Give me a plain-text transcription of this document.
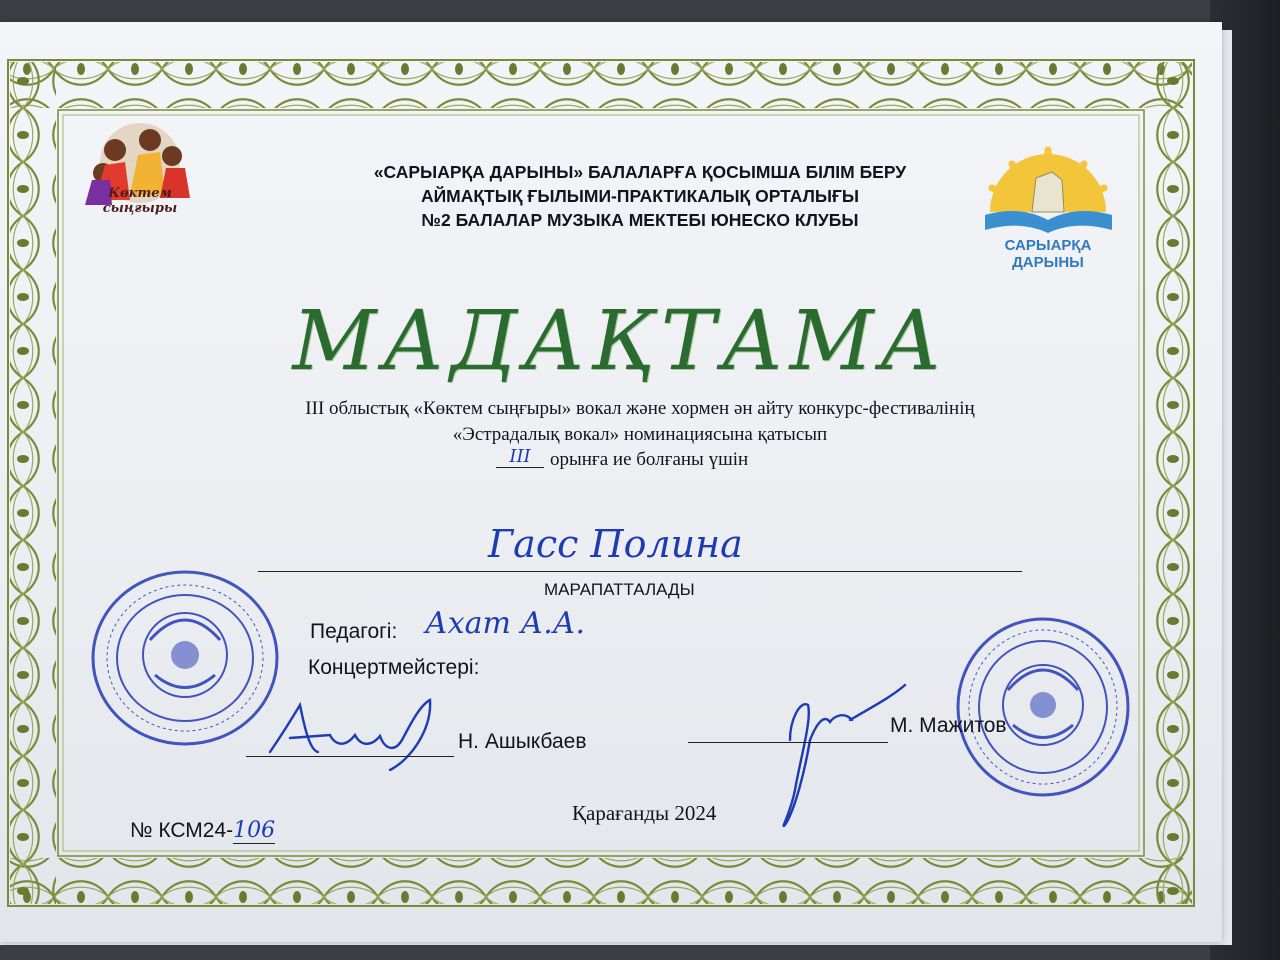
Көктем сыңғыры
САРЫАРҚА ДАРЫНЫ
«САРЫАРҚА ДАРЫНЫ» БАЛАЛАРҒА ҚОСЫМША БІЛІМ БЕРУ
АЙМАҚТЫҚ ҒЫЛЫМИ-ПРАКТИКАЛЫҚ ОРТАЛЫҒЫ
№2 БАЛАЛАР МУЗЫКА МЕКТЕБІ ЮНЕСКО КЛУБЫ
МАДАҚТАМА
ІІІ облыстық «Көктем сыңғыры» вокал және хормен ән айту конкурс-фестивалінің
«Эстрадалық вокал» номинациясына қатысып
III	орынға ие болғаны үшін
Гасс Полина
МАРАПАТТАЛАДЫ
Педагогі: Ахат А.А.
Концертмейстері:
Н. Ашыкбаев
М. Мажитов
Қарағанды 2024
№ КСМ24-106
